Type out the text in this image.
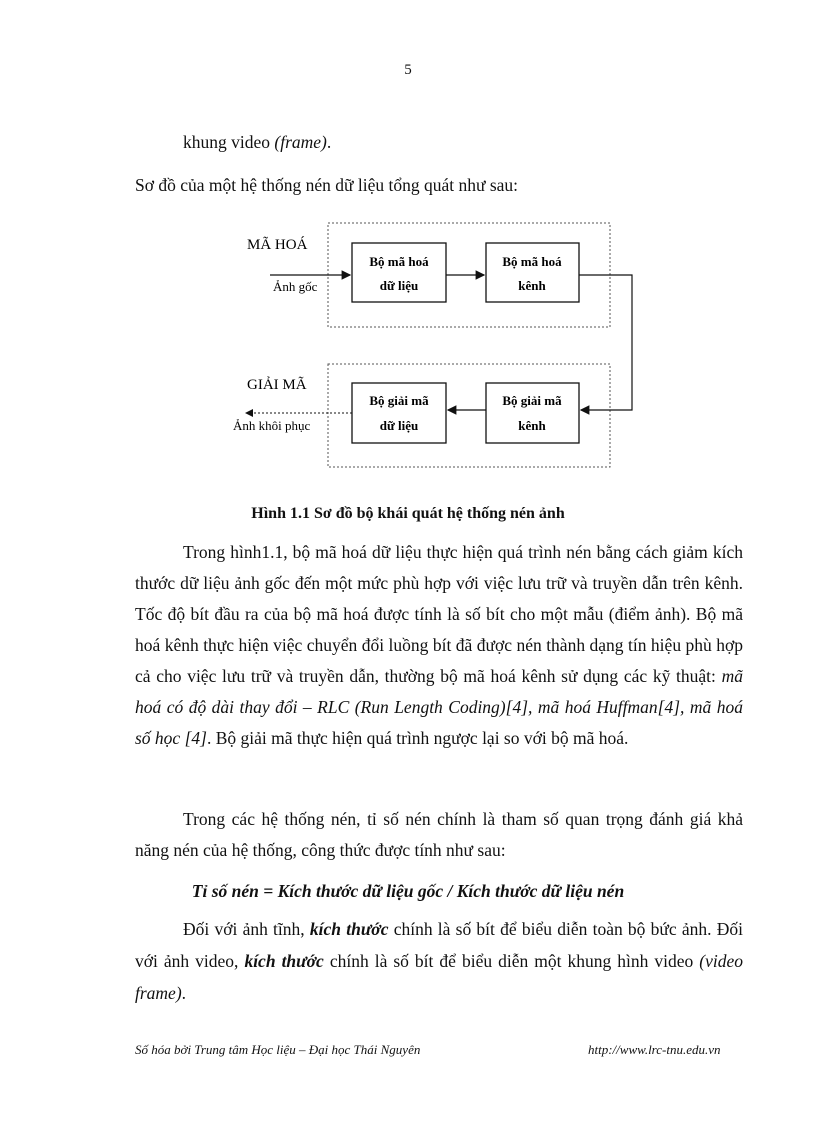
5
khung video (frame).
Sơ đồ của một hệ thống nén dữ liệu tổng quát như sau:
Bộ mã hoá
dữ liệu
Bộ mã hoá
kênh
Bộ giải mã
dữ liệu
Bộ giải mã
kênh
MÃ HOÁ
GIẢI MÃ
Ảnh gốc
Ảnh khôi phục
Hình 1.1 Sơ đồ bộ khái quát hệ thống nén ảnh
Trong hình1.1, bộ mã hoá dữ liệu thực hiện quá trình nén bằng cách giảm kích thước dữ liệu ảnh gốc đến một mức phù hợp với việc lưu trữ và truyền dẫn trên kênh. Tốc độ bít đầu ra của bộ mã hoá được tính là số bít cho một mẫu (điểm ảnh). Bộ mã hoá kênh thực hiện việc chuyển đổi luồng bít đã được nén thành dạng tín hiệu phù hợp cả cho việc lưu trữ và truyền dẫn, thường bộ mã hoá kênh sử dụng các kỹ thuật: mã hoá có độ dài thay đổi – RLC (Run Length Coding)[4], mã hoá Huffman[4], mã hoá số học [4]. Bộ giải mã thực hiện quá trình ngược lại so với bộ mã hoá.
Trong các hệ thống nén, tỉ số nén chính là tham số quan trọng đánh giá khả năng nén của hệ thống, công thức được tính như sau:
Tỉ số nén = Kích thước dữ liệu gốc / Kích thước dữ liệu nén
Đối với ảnh tĩnh, kích thước chính là số bít để biểu diễn toàn bộ bức ảnh. Đối với ảnh video, kích thước chính là số bít để biểu diễn một khung hình video (video frame).
Số hóa bởi Trung tâm Học liệu – Đại học Thái Nguyên	http://www.lrc-tnu.edu.vn
